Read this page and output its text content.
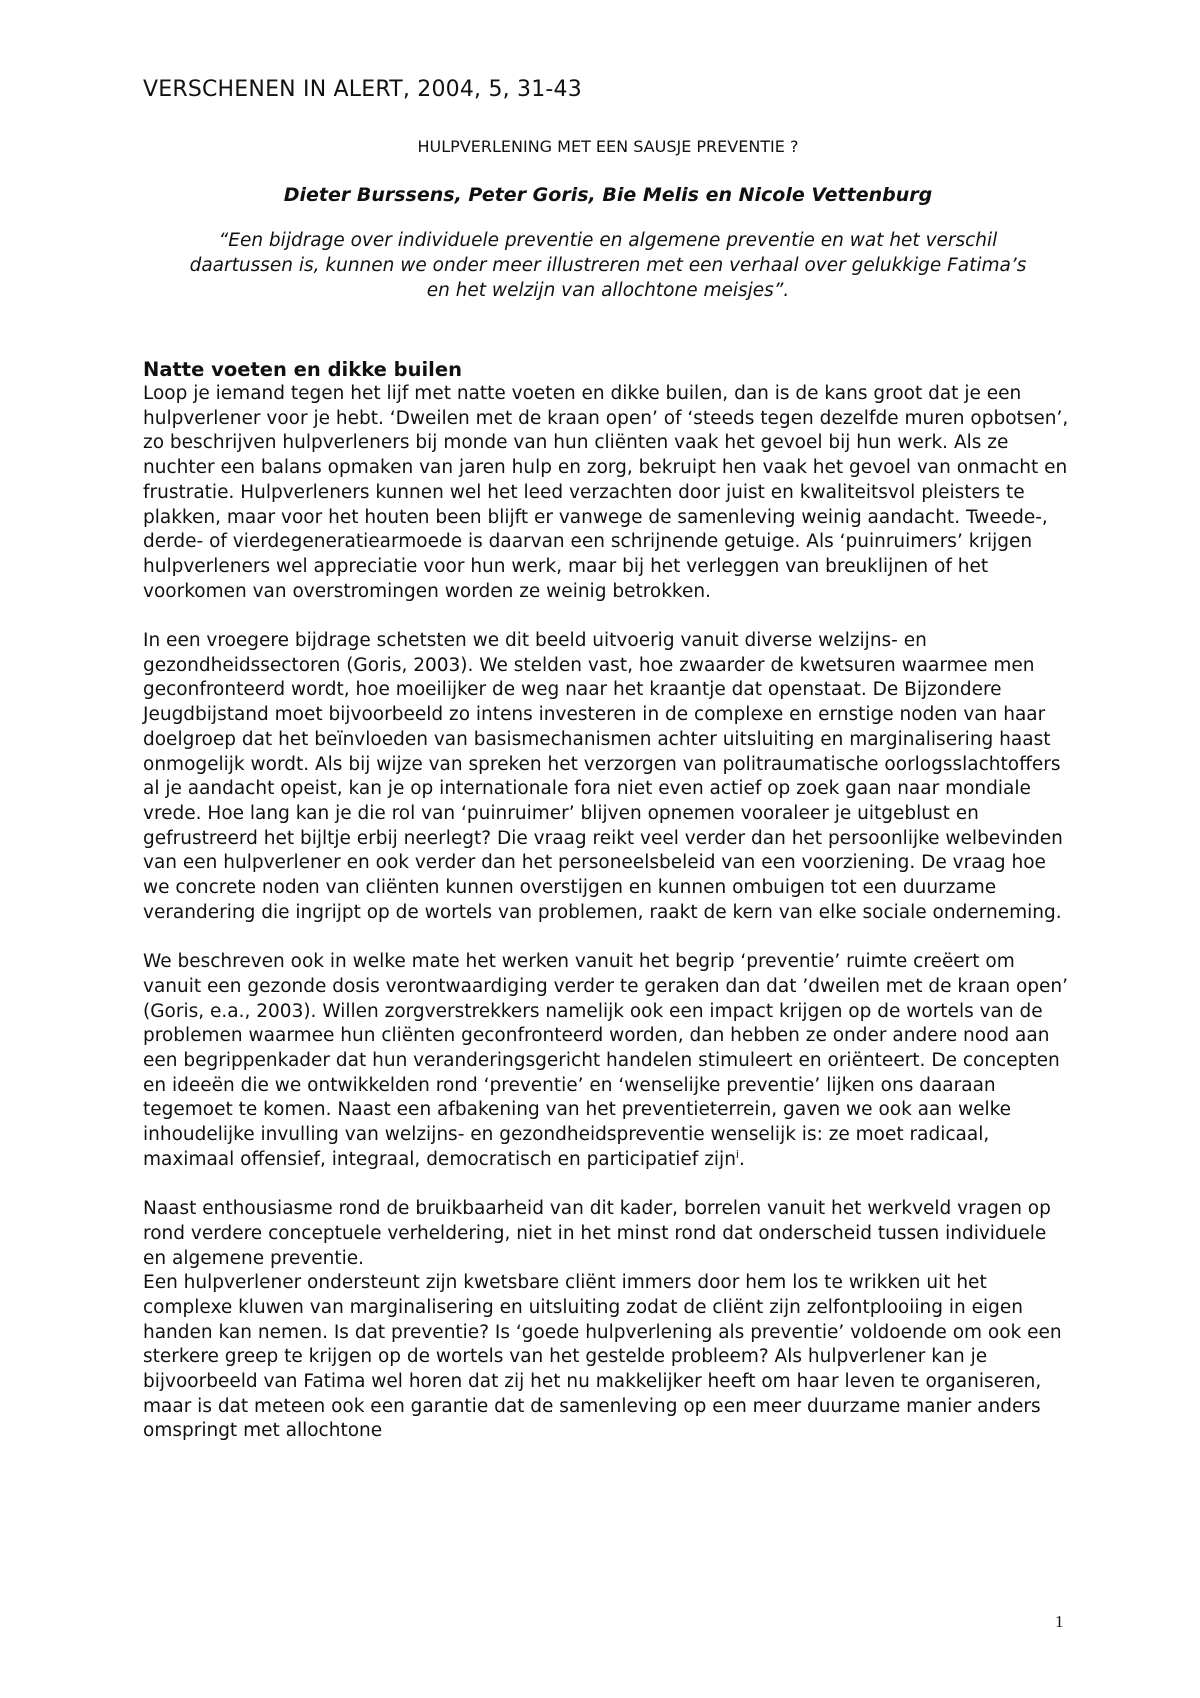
VERSCHENEN IN ALERT, 2004, 5, 31-43

HULPVERLENING MET EEN SAUSJE PREVENTIE ?

Dieter Burssens, Peter Goris, Bie Melis en Nicole Vettenburg

“Een bijdrage over individuele preventie en algemene preventie en wat het verschil daartussen is, kunnen we onder meer illustreren met een verhaal over gelukkige Fatima’s en het welzijn van allochtone meisjes”.

Natte voeten en dikke builen

Loop je iemand tegen het lijf met natte voeten en dikke builen, dan is de kans groot dat je een hulpverlener voor je hebt. ‘Dweilen met de kraan open’ of ‘steeds tegen dezelfde muren opbotsen’, zo beschrijven hulpverleners bij monde van hun cliënten vaak het gevoel bij hun werk. Als ze nuchter een balans opmaken van jaren hulp en zorg, bekruipt hen vaak het gevoel van onmacht en frustratie. Hulpverleners kunnen wel het leed verzachten door juist en kwaliteitsvol pleisters te plakken, maar voor het houten been blijft er vanwege de samenleving weinig aandacht. Tweede-, derde- of vierdegeneratiearmoede is daarvan een schrijnende getuige. Als ‘puinruimers’ krijgen hulpverleners wel appreciatie voor hun werk, maar bij het verleggen van breuklijnen of het voorkomen van overstromingen worden ze weinig betrokken.

In een vroegere bijdrage schetsten we dit beeld uitvoerig vanuit diverse welzijns- en gezondheidssectoren (Goris, 2003). We stelden vast, hoe zwaarder de kwetsuren waarmee men geconfronteerd wordt, hoe moeilijker de weg naar het kraantje dat openstaat. De Bijzondere Jeugdbijstand moet bijvoorbeeld zo intens investeren in de complexe en ernstige noden van haar doelgroep dat het beïnvloeden van basismechanismen achter uitsluiting en marginalisering haast onmogelijk wordt. Als bij wijze van spreken het verzorgen van politraumatische oorlogsslachtoffers al je aandacht opeist, kan je op internationale fora niet even actief op zoek gaan naar mondiale vrede. Hoe lang kan je die rol van ‘puinruimer’ blijven opnemen vooraleer je uitgeblust en gefrustreerd het bijltje erbij neerlegt? Die vraag reikt veel verder dan het persoonlijke welbevinden van een hulpverlener en ook verder dan het personeelsbeleid van een voorziening. De vraag hoe we concrete noden van cliënten kunnen overstijgen en kunnen ombuigen tot een duurzame verandering die ingrijpt op de wortels van problemen, raakt de kern van elke sociale onderneming.

We beschreven ook in welke mate het werken vanuit het begrip ‘preventie’ ruimte creëert om vanuit een gezonde dosis verontwaardiging verder te geraken dan dat ’dweilen met de kraan open’ (Goris, e.a., 2003). Willen zorgverstrekkers namelijk ook een impact krijgen op de wortels van de problemen waarmee hun cliënten geconfronteerd worden, dan hebben ze onder andere nood aan een begrippenkader dat hun veranderingsgericht handelen stimuleert en oriënteert. De concepten en ideeën die we ontwikkelden rond ‘preventie’ en ‘wenselijke preventie’ lijken ons daaraan tegemoet te komen. Naast een afbakening van het preventieterrein, gaven we ook aan welke inhoudelijke invulling van welzijns- en gezondheidspreventie wenselijk is: ze moet radicaal, maximaal offensief, integraal, democratisch en participatief zijn$^i$.

Naast enthousiasme rond de bruikbaarheid van dit kader, borrelen vanuit het werkveld vragen op rond verdere conceptuele verheldering, niet in het minst rond dat onderscheid tussen individuele en algemene preventie.

Een hulpverlener ondersteunt zijn kwetsbare cliënt immers door hem los te wrikken uit het complexe kluwen van marginalisering en uitsluiting zodat de cliënt zijn zelfontplooiing in eigen handen kan nemen. Is dat preventie? Is ‘goede hulpverlening als preventie’ voldoende om ook een sterkere greep te krijgen op de wortels van het gestelde probleem? Als hulpverlener kan je bijvoorbeeld van Fatima wel horen dat zij het nu makkelijker heeft om haar leven te organiseren, maar is dat meteen ook een garantie dat de samenleving op een meer duurzame manier anders omspringt met allochtone

1
